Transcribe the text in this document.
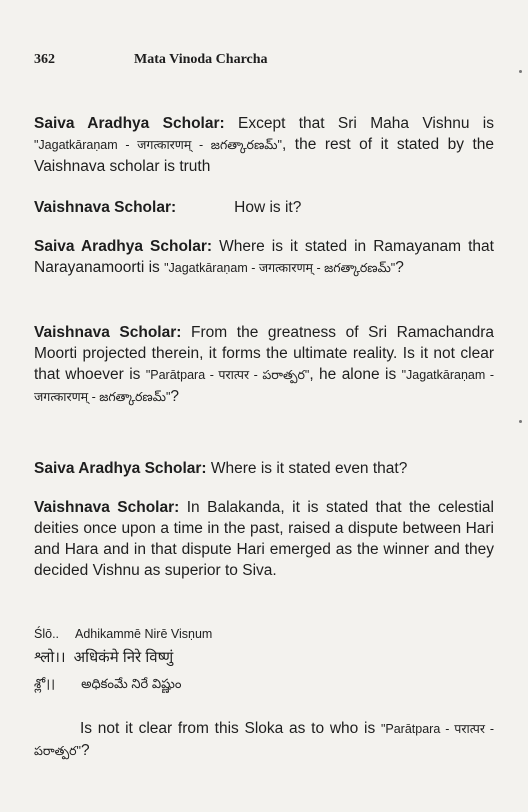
362	Mata Vinoda Charcha
Saiva Aradhya Scholar: Except that Sri Maha Vishnu is "Jagatkāraṇam - जगत्कारणम् - జగత్కారణమ్", the rest of it stated by the Vaishnava scholar is truth
Vaishnava Scholar:	How is it?
Saiva Aradhya Scholar: Where is it stated in Ramayanam that Narayanamoorti is "Jagatkāraṇam - जगत्कारणम् - జగత్కారణమ్"?
Vaishnava Scholar: From the greatness of Sri Ramachandra Moorti projected therein, it forms the ultimate reality. Is it not clear that whoever is "Parātpara - परात्पर - పరాత్పర", he alone is "Jagatkāraṇam - जगत्कारणम् - జగత్కారణమ్"?
Saiva Aradhya Scholar: Where is it stated even that?
Vaishnava Scholar: In Balakanda, it is stated that the celestial deities once upon a time in the past, raised a dispute between Hari and Hara and in that dispute Hari emerged as the winner and they decided Vishnu as superior to Siva.
Ślō.. Adhikammē Nirē Visṇum
श्लो।। अधिकंमे निरे विष्णुं
శ్లో।। అధికంమే నిరే విష్ణుం
Is not it clear from this Sloka as to who is "Parātpara - परात्पर - పరాత్పర"?
